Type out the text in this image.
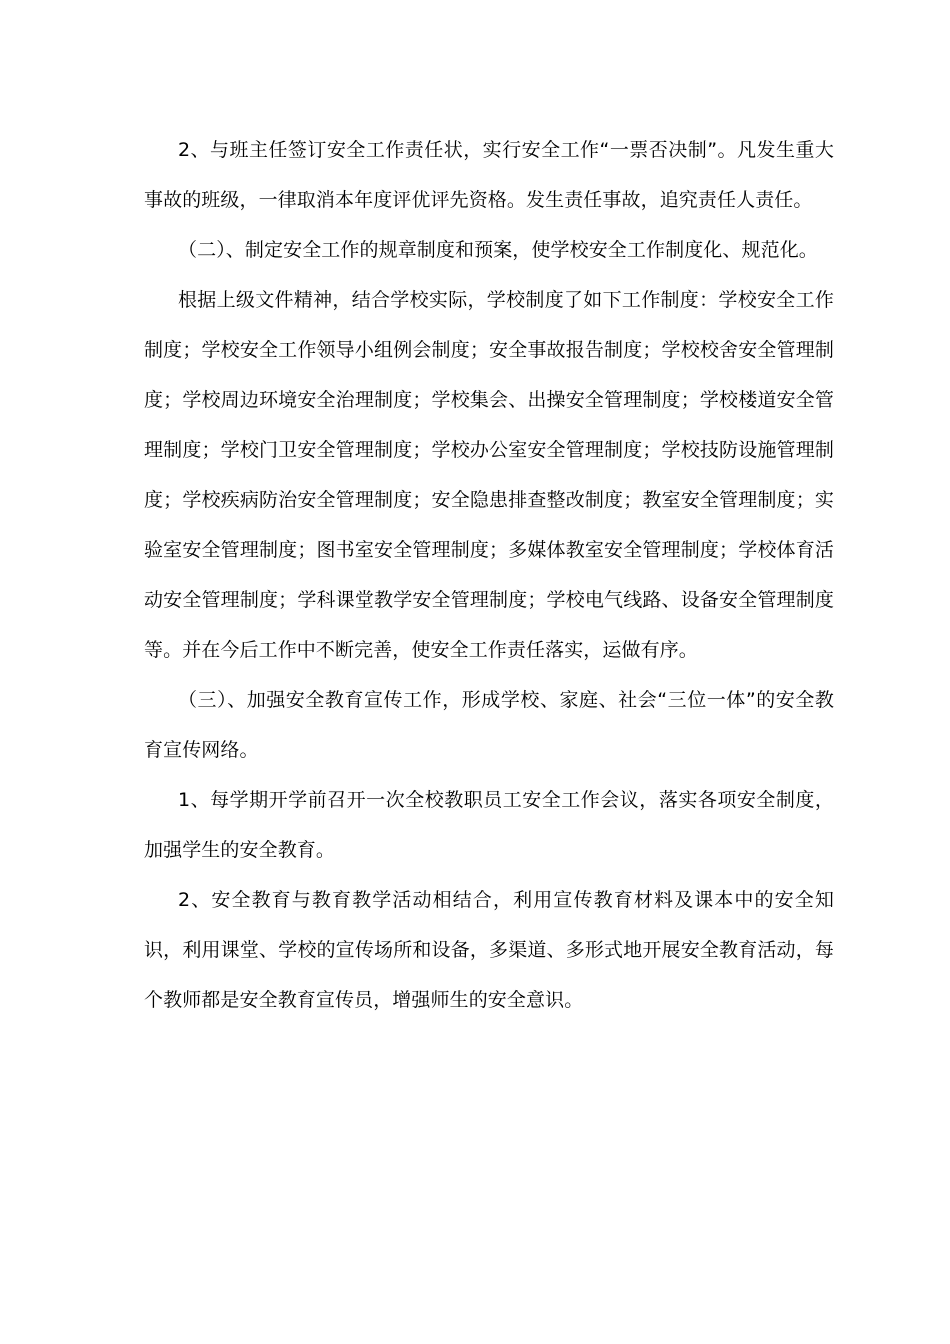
2、与班主任签订安全工作责任状，实行安全工作“一票否决制”。凡发生重大事故的班级，一律取消本年度评优评先资格。发生责任事故，追究责任人责任。

（二）、制定安全工作的规章制度和预案，使学校安全工作制度化、规范化。

根据上级文件精神，结合学校实际，学校制度了如下工作制度：学校安全工作制度；学校安全工作领导小组例会制度；安全事故报告制度；学校校舍安全管理制度；学校周边环境安全治理制度；学校集会、出操安全管理制度；学校楼道安全管理制度；学校门卫安全管理制度；学校办公室安全管理制度；学校技防设施管理制度；学校疾病防治安全管理制度；安全隐患排查整改制度；教室安全管理制度；实验室安全管理制度；图书室安全管理制度；多媒体教室安全管理制度；学校体育活动安全管理制度；学科课堂教学安全管理制度；学校电气线路、设备安全管理制度等。并在今后工作中不断完善，使安全工作责任落实，运做有序。

（三）、加强安全教育宣传工作，形成学校、家庭、社会“三位一体”的安全教育宣传网络。

1、每学期开学前召开一次全校教职员工安全工作会议，落实各项安全制度，加强学生的安全教育。

2、安全教育与教育教学活动相结合，利用宣传教育材料及课本中的安全知识，利用课堂、学校的宣传场所和设备，多渠道、多形式地开展安全教育活动，每个教师都是安全教育宣传员，增强师生的安全意识。
